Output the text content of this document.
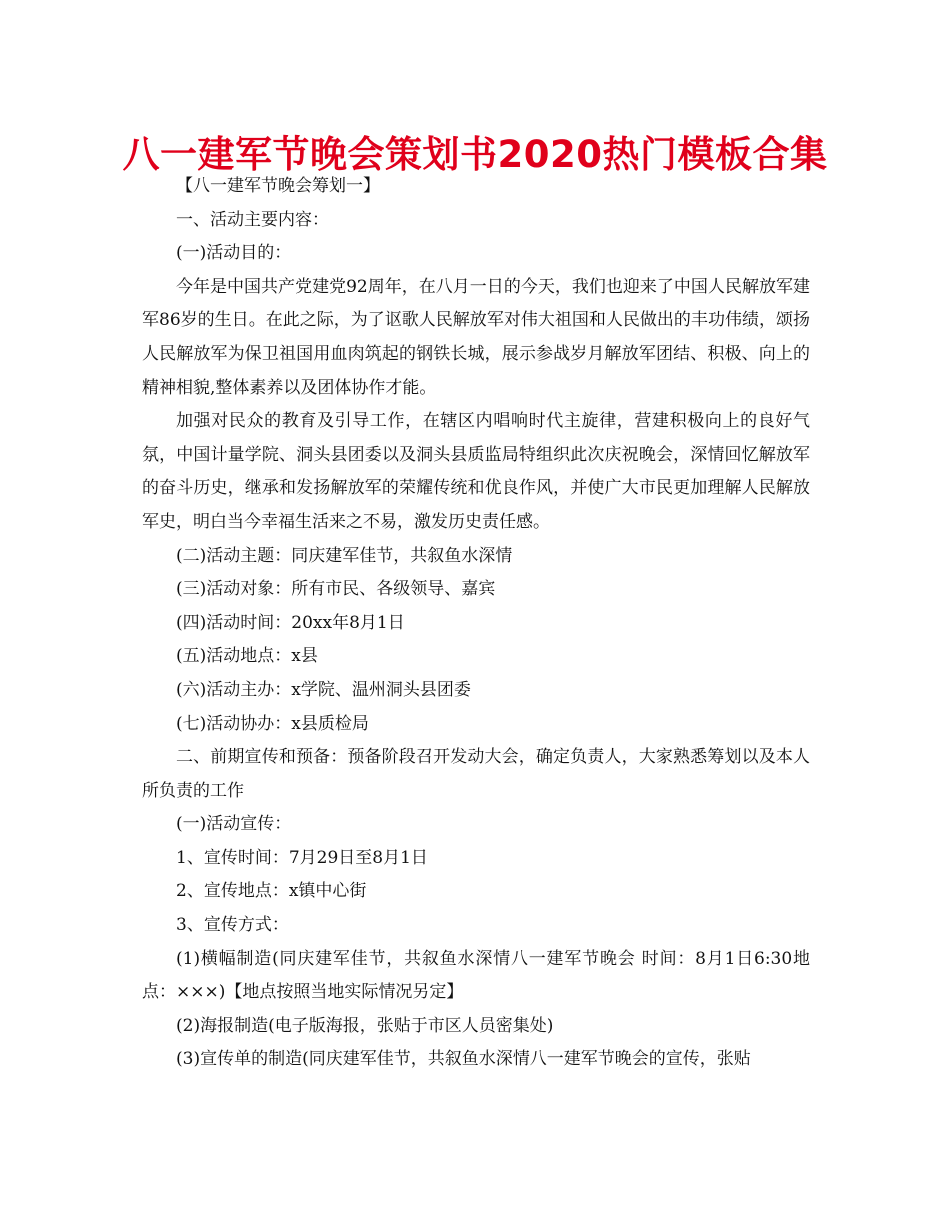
八一建军节晚会策划书2020热门模板合集

【八一建军节晚会筹划一】

一、活动主要内容：

(一)活动目的：

今年是中国共产党建党92周年，在八月一日的今天，我们也迎来了中国人民解放军建军86岁的生日。在此之际，为了讴歌人民解放军对伟大祖国和人民做出的丰功伟绩，颂扬人民解放军为保卫祖国用血肉筑起的钢铁长城，展示参战岁月解放军团结、积极、向上的精神相貌,整体素养以及团体协作才能。

加强对民众的教育及引导工作，在辖区内唱响时代主旋律，营建积极向上的良好气氛，中国计量学院、洞头县团委以及洞头县质监局特组织此次庆祝晚会，深情回忆解放军的奋斗历史，继承和发扬解放军的荣耀传统和优良作风，并使广大市民更加理解人民解放军史，明白当今幸福生活来之不易，激发历史责任感。

(二)活动主题：同庆建军佳节，共叙鱼水深情

(三)活动对象：所有市民、各级领导、嘉宾

(四)活动时间：20xx年8月1日

(五)活动地点：x县

(六)活动主办：x学院、温州洞头县团委

(七)活动协办：x县质检局

二、前期宣传和预备：预备阶段召开发动大会，确定负责人，大家熟悉筹划以及本人所负责的工作

(一)活动宣传：

1、宣传时间：7月29日至8月1日

2、宣传地点：x镇中心街

3、宣传方式：

(1)横幅制造(同庆建军佳节，共叙鱼水深情八一建军节晚会 时间：8月1日6:30地点：×××)【地点按照当地实际情况另定】

(2)海报制造(电子版海报，张贴于市区人员密集处)

(3)宣传单的制造(同庆建军佳节，共叙鱼水深情八一建军节晚会的宣传，张贴
